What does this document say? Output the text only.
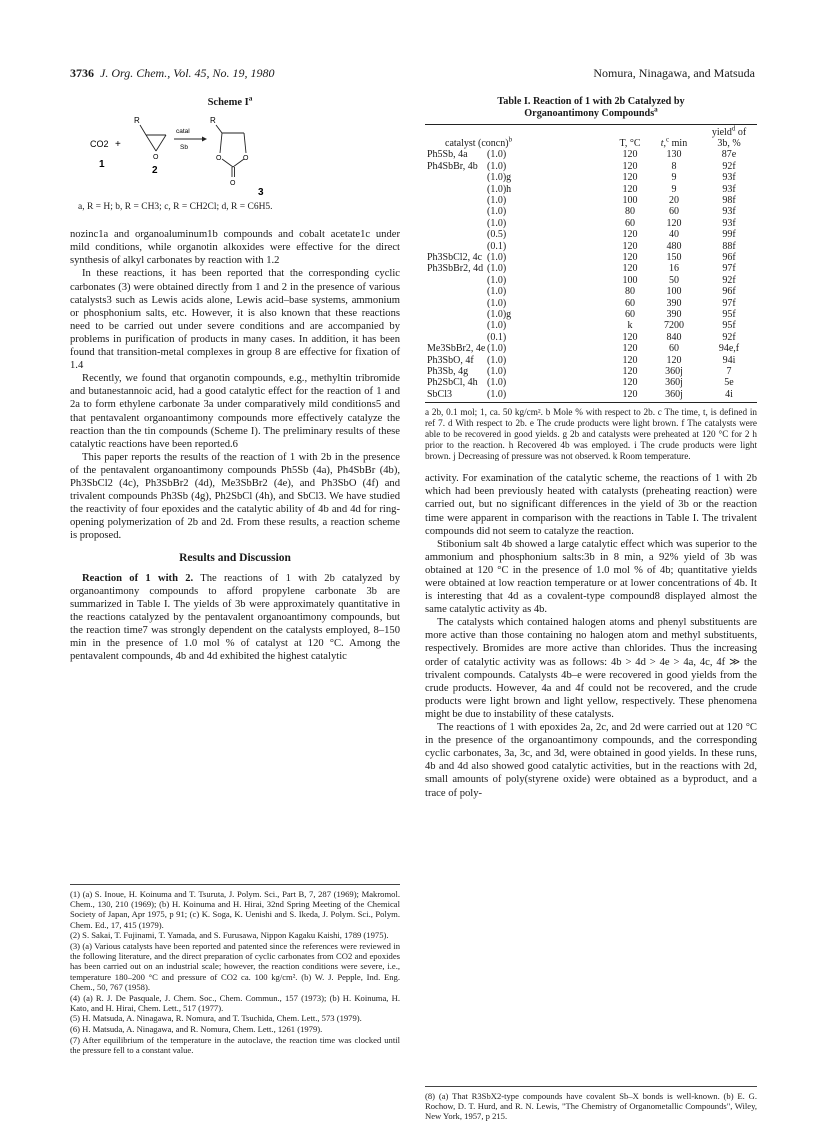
3736 J. Org. Chem., Vol. 45, No. 19, 1980	Nomura, Ninagawa, and Matsuda
Scheme $I^a$
CO2 +
1
R
O
2
catal
Sb
R
O	O
O
3
a, R = H; b, R = CH3; c, R = CH2Cl; d, R = C6H5.

nozinc1a and organoaluminum1b compounds and cobalt acetate1c under mild conditions, while organotin alkoxides were effective for the direct synthesis of alkyl carbonates by reaction with 1.2

In these reactions, it has been reported that the corresponding cyclic carbonates (3) were obtained directly from 1 and 2 in the presence of various catalysts3 such as Lewis acids alone, Lewis acid–base systems, ammonium or phosphonium salts, etc. However, it is also known that these reactions need to be carried out under severe conditions and are accompanied by problems in purification of products in many cases. In addition, it has been found that transition-metal complexes in group 8 are effective for fixation of 1.4

Recently, we found that organotin compounds, e.g., methyltin tribromide and butanestannoic acid, had a good catalytic effect for the reaction of 1 and 2a to form ethylene carbonate 3a under comparatively mild conditions5 and that pentavalent organoantimony compounds more effectively catalyze the reaction than the tin compounds (Scheme I). The preliminary results of these catalytic reactions have been reported.6

This paper reports the results of the reaction of 1 with 2b in the presence of the pentavalent organoantimony compounds Ph5Sb (4a), Ph4SbBr (4b), Ph3SbCl2 (4c), Ph3SbBr2 (4d), Me3SbBr2 (4e), and Ph3SbO (4f) and trivalent compounds Ph3Sb (4g), Ph2SbCl (4h), and SbCl3. We have studied the reactivity of four epoxides and the catalytic ability of 4b and 4d for ring-opening polymerization of 2b and 2d. From these results, a reaction scheme is proposed.

Results and Discussion

Reaction of 1 with 2. The reactions of 1 with 2b catalyzed by organoantimony compounds to afford propylene carbonate 3b are summarized in Table I. The yields of 3b were approximately quantitative in the reactions catalyzed by the pentavalent organoantimony compounds, but the reaction time7 was strongly dependent on the catalysts employed, 8–150 min in the presence of 1.0 mol % of catalyst at 120 °C. Among the pentavalent compounds, 4b and 4d exhibited the highest catalytic

(1) (a) S. Inoue, H. Koinuma and T. Tsuruta, J. Polym. Sci., Part B, 7, 287 (1969); Makromol. Chem., 130, 210 (1969); (b) H. Koinuma and H. Hirai, 32nd Spring Meeting of the Chemical Society of Japan, Apr 1975, p 91; (c) K. Soga, K. Uenishi and S. Ikeda, J. Polym. Sci., Polym. Chem. Ed., 17, 415 (1979).
(2) S. Sakai, T. Fujinami, T. Yamada, and S. Furusawa, Nippon Kagaku Kaishi, 1789 (1975).
(3) (a) Various catalysts have been reported and patented since the references were reviewed in the following literature, and the direct preparation of cyclic carbonates from CO2 and epoxides has been carried out on an industrial scale; however, the reaction conditions were severe, i.e., temperature 180–200 °C and pressure of CO2 ca. 100 kg/cm². (b) W. J. Pepple, Ind. Eng. Chem., 50, 767 (1958).
(4) (a) R. J. De Pasquale, J. Chem. Soc., Chem. Commun., 157 (1973); (b) H. Koinuma, H. Kato, and H. Hirai, Chem. Lett., 517 (1977).
(5) H. Matsuda, A. Ninagawa, R. Nomura, and T. Tsuchida, Chem. Lett., 573 (1979).
(6) H. Matsuda, A. Ninagawa, and R. Nomura, Chem. Lett., 1261 (1979).
(7) After equilibrium of the temperature in the autoclave, the reaction time was clocked until the pressure fell to a constant value.
Table I. Reaction of 1 with 2b Catalyzed by
Organoantimony Compounds$^a$

catalyst (concn)$^b$	T, °C	t,$^c$ min	yield$^d$ of
3b, %
Ph5Sb, 4a (1.0)	120	130	87e
Ph4SbBr, 4b (1.0)	120	8	92f
(1.0)g	120	9	93f
(1.0)h	120	9	93f
(1.0)	100	20	98f
(1.0)	80	60	93f
(1.0)	60	120	93f
(0.5)	120	40	99f
(0.1)	120	480	88f
Ph3SbCl2, 4c (1.0)	120	150	96f
Ph3SbBr2, 4d (1.0)	120	16	97f
(1.0)	100	50	92f
(1.0)	80	100	96f
(1.0)	60	390	97f
(1.0)g	60	390	95f
(1.0)	k	7200	95f
(0.1)	120	840	92f
Me3SbBr2, 4e (1.0)	120	60	94e,f
Ph3SbO, 4f (1.0)	120	120	94i
Ph3Sb, 4g (1.0)	120	360j	7
Ph2SbCl, 4h (1.0)	120	360j	5e
SbCl3 (1.0)	120	360j	4i
a 2b, 0.1 mol; 1, ca. 50 kg/cm². b Mole % with respect to 2b. c The time, t, is defined in ref 7. d With respect to 2b. e The crude products were light brown. f The catalysts were able to be recovered in good yields. g 2b and catalysts were preheated at 120 °C for 2 h prior to the reaction. h Recovered 4b was employed. i The crude products were light brown. j Decreasing of pressure was not observed. k Room temperature.

activity. For examination of the catalytic scheme, the reactions of 1 with 2b which had been previously heated with catalysts (preheating reaction) were carried out, but no significant differences in the yield of 3b or the reaction time were apparent in comparison with the reactions in Table I. The trivalent compounds did not seem to catalyze the reaction.

Stibonium salt 4b showed a large catalytic effect which was superior to the ammonium and phosphonium salts:3b in 8 min, a 92% yield of 3b was obtained at 120 °C in the presence of 1.0 mol % of 4b; quantitative yields were obtained at low reaction temperature or at lower concentrations of 4b. It is interesting that 4d as a covalent-type compound8 displayed almost the same catalytic activity as 4b.

The catalysts which contained halogen atoms and phenyl substituents are more active than those containing no halogen atom and methyl substituents, respectively. Bromides are more active than chlorides. Thus the increasing order of catalytic activity was as follows: 4b > 4d > 4e > 4a, 4c, 4f ≫ the trivalent compounds. Catalysts 4b–e were recovered in good yields from the crude products. However, 4a and 4f could not be recovered, and the crude products were light brown and light yellow, respectively. These phenomena might be due to instability of these catalysts.

The reactions of 1 with epoxides 2a, 2c, and 2d were carried out at 120 °C in the presence of the organoantimony compounds, and the corresponding cyclic carbonates, 3a, 3c, and 3d, were obtained in good yields. In these runs, 4b and 4d also showed good catalytic activities, but in the reactions with 2d, small amounts of poly(styrene oxide) were obtained as a byproduct, and a trace of poly-

(8) (a) That R3SbX2-type compounds have covalent Sb–X bonds is well-known. (b) E. G. Rochow, D. T. Hurd, and R. N. Lewis, "The Chemistry of Organometallic Compounds", Wiley, New York, 1957, p 215.
